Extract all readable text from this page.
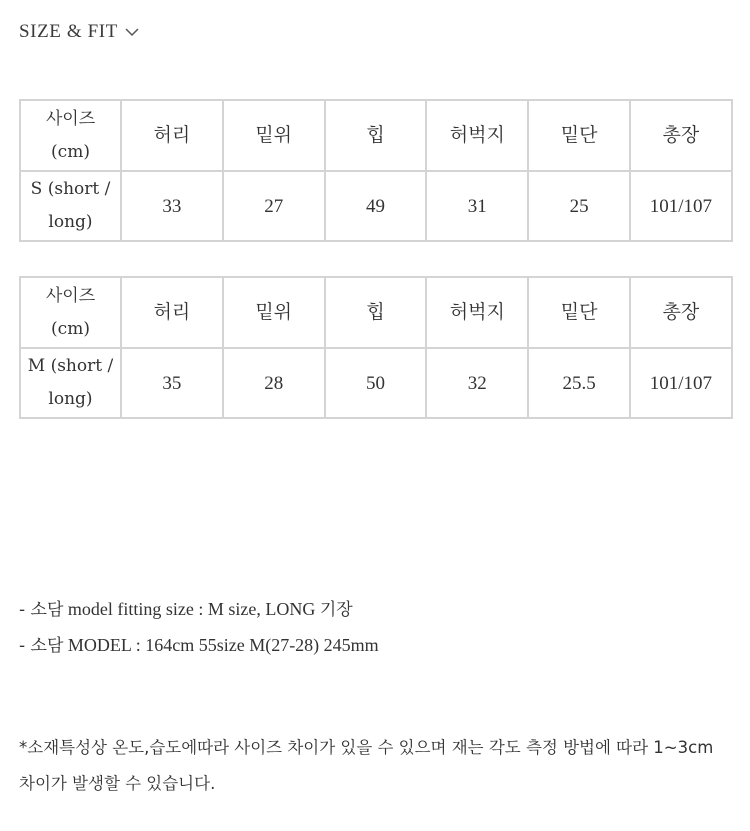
SIZE & FIT
사이즈 (cm)	허리	밑위	힙	허벅지	밑단	총장
S (short / long)	33	27	49	31	25	101/107
사이즈 (cm)	허리	밑위	힙	허벅지	밑단	총장
M (short / long)	35	28	50	32	25.5	101/107
- 소담 model fitting size : M size, LONG 기장
- 소담 MODEL : 164cm 55size M(27-28) 245mm
*소재특성상 온도,습도에따라 사이즈 차이가 있을 수 있으며 재는 각도 측정 방법에 따라 1~3cm 차이가 발생할 수 있습니다.
